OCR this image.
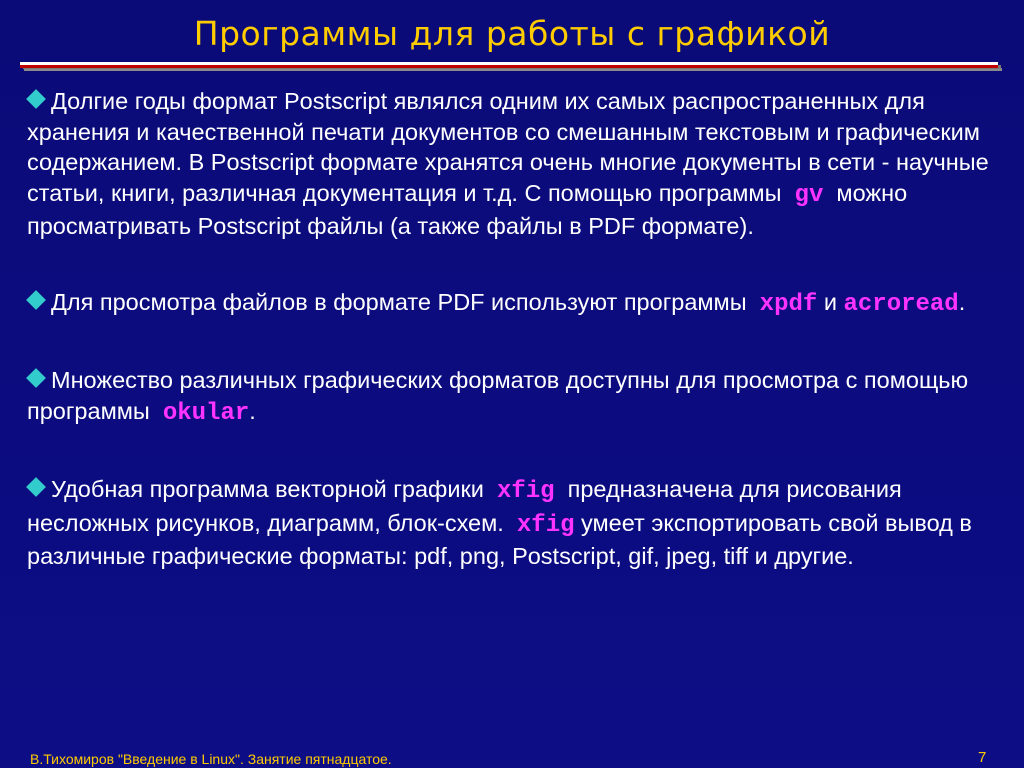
Программы для работы с графикой

Долгие годы формат Postscript являлся одним их самых распространенных для хранения и качественной печати документов со смешанным текстовым и графическим содержанием. В Postscript формате хранятся очень многие документы в сети - научные статьи, книги, различная документация и т.д. С помощью программы gv можно просматривать Postscript файлы (а также файлы в PDF формате).

Для просмотра файлов в формате PDF используют программы xpdf и acroread.

Множество различных графических форматов доступны для просмотра с помощью программы okular.

Удобная программа векторной графики xfig предназначена для рисования несложных рисунков, диаграмм, блок-схем. xfig умеет экспортировать свой вывод в различные графические форматы: pdf, png, Postscript, gif, jpeg, tiff и другие.

В.Тихомиров "Введение в Linux". Занятие пятнадцатое.	7
